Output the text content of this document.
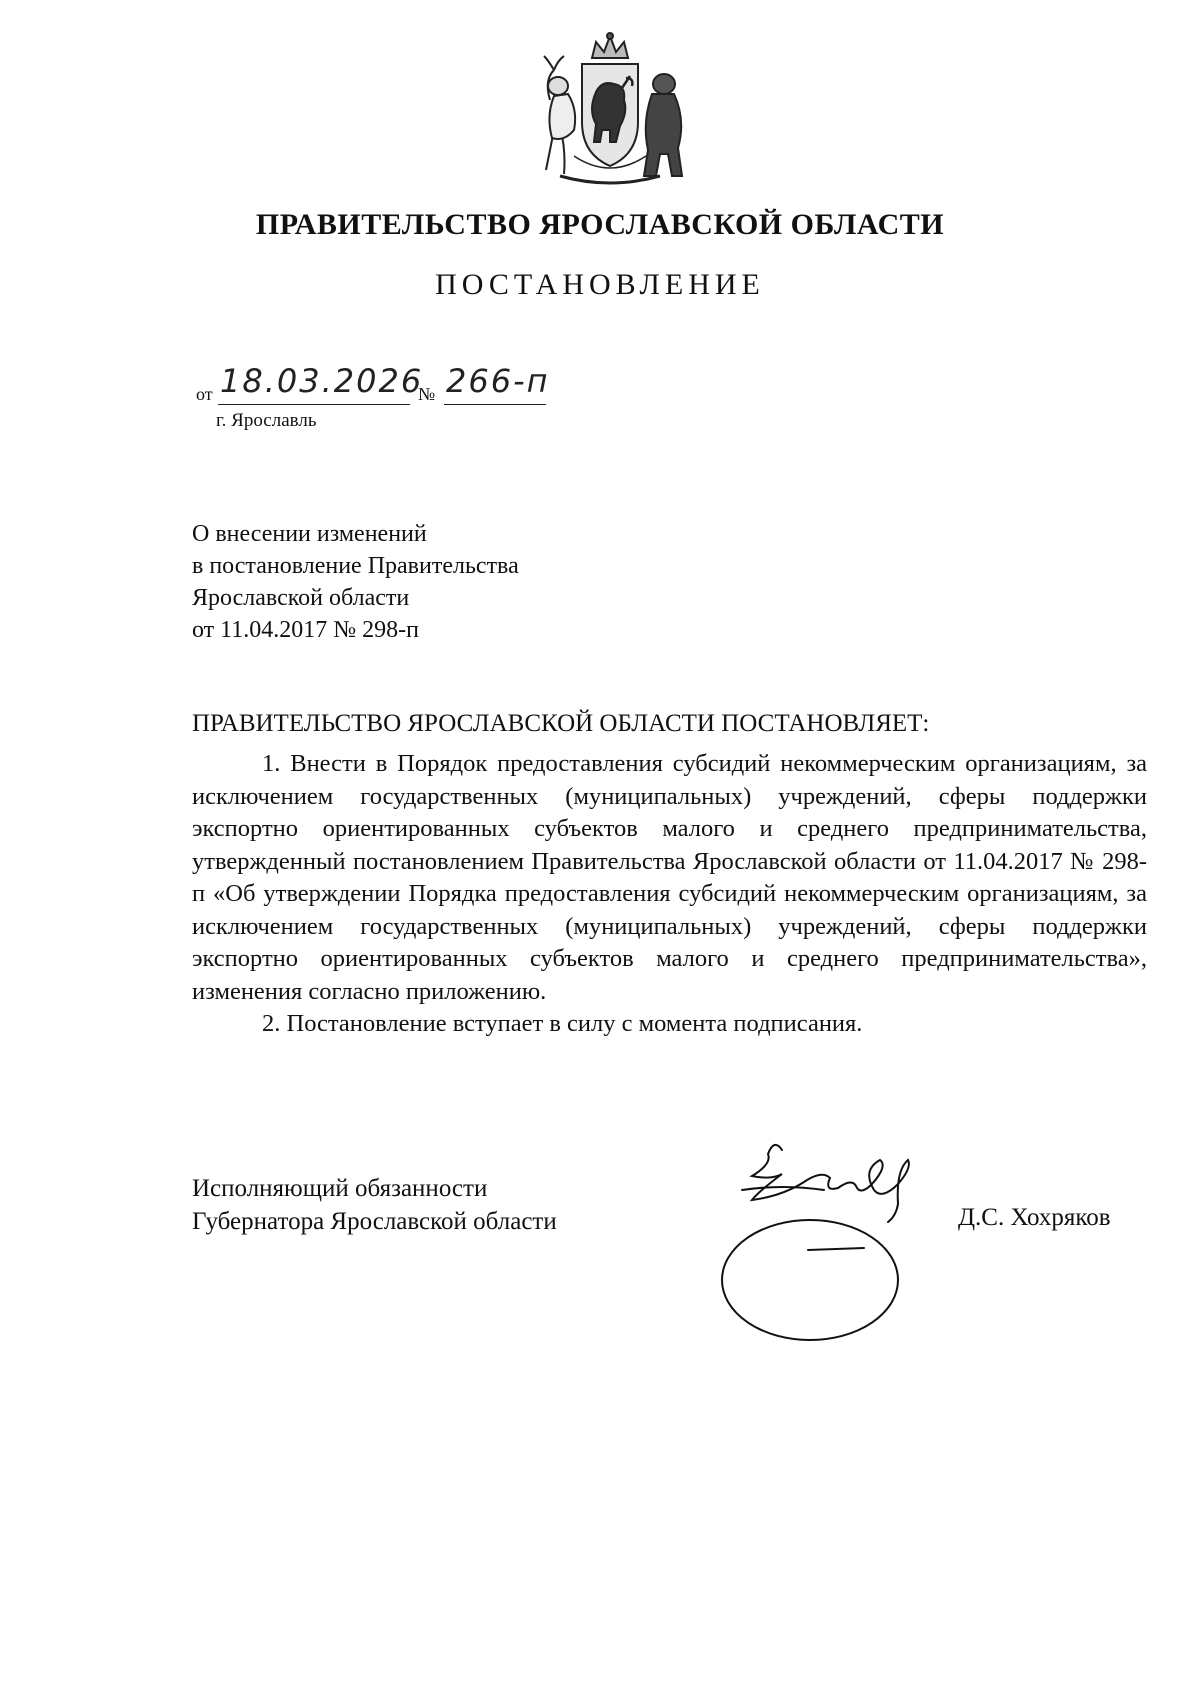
ПРАВИТЕЛЬСТВО ЯРОСЛАВСКОЙ ОБЛАСТИ
ПОСТАНОВЛЕНИЕ
от 18.03.2026
№ 266-п
г. Ярославль
О внесении изменений
в постановление Правительства
Ярославской области
от 11.04.2017 № 298-п
ПРАВИТЕЛЬСТВО ЯРОСЛАВСКОЙ ОБЛАСТИ ПОСТАНОВЛЯЕТ:

1. Внести в Порядок предоставления субсидий некоммерческим организациям, за исключением государственных (муниципальных) учреждений, сферы поддержки экспортно ориентированных субъектов малого и среднего предпринимательства, утвержденный постановлением Правительства Ярославской области от 11.04.2017 № 298-п «Об утверждении Порядка предоставления субсидий некоммерческим организациям, за исключением государственных (муниципальных) учреждений, сферы поддержки экспортно ориентированных субъектов малого и среднего предпринимательства», изменения согласно приложению.

2. Постановление вступает в силу с момента подписания.

Исполняющий обязанности
Губернатора Ярославской области	Д.С. Хохряков
